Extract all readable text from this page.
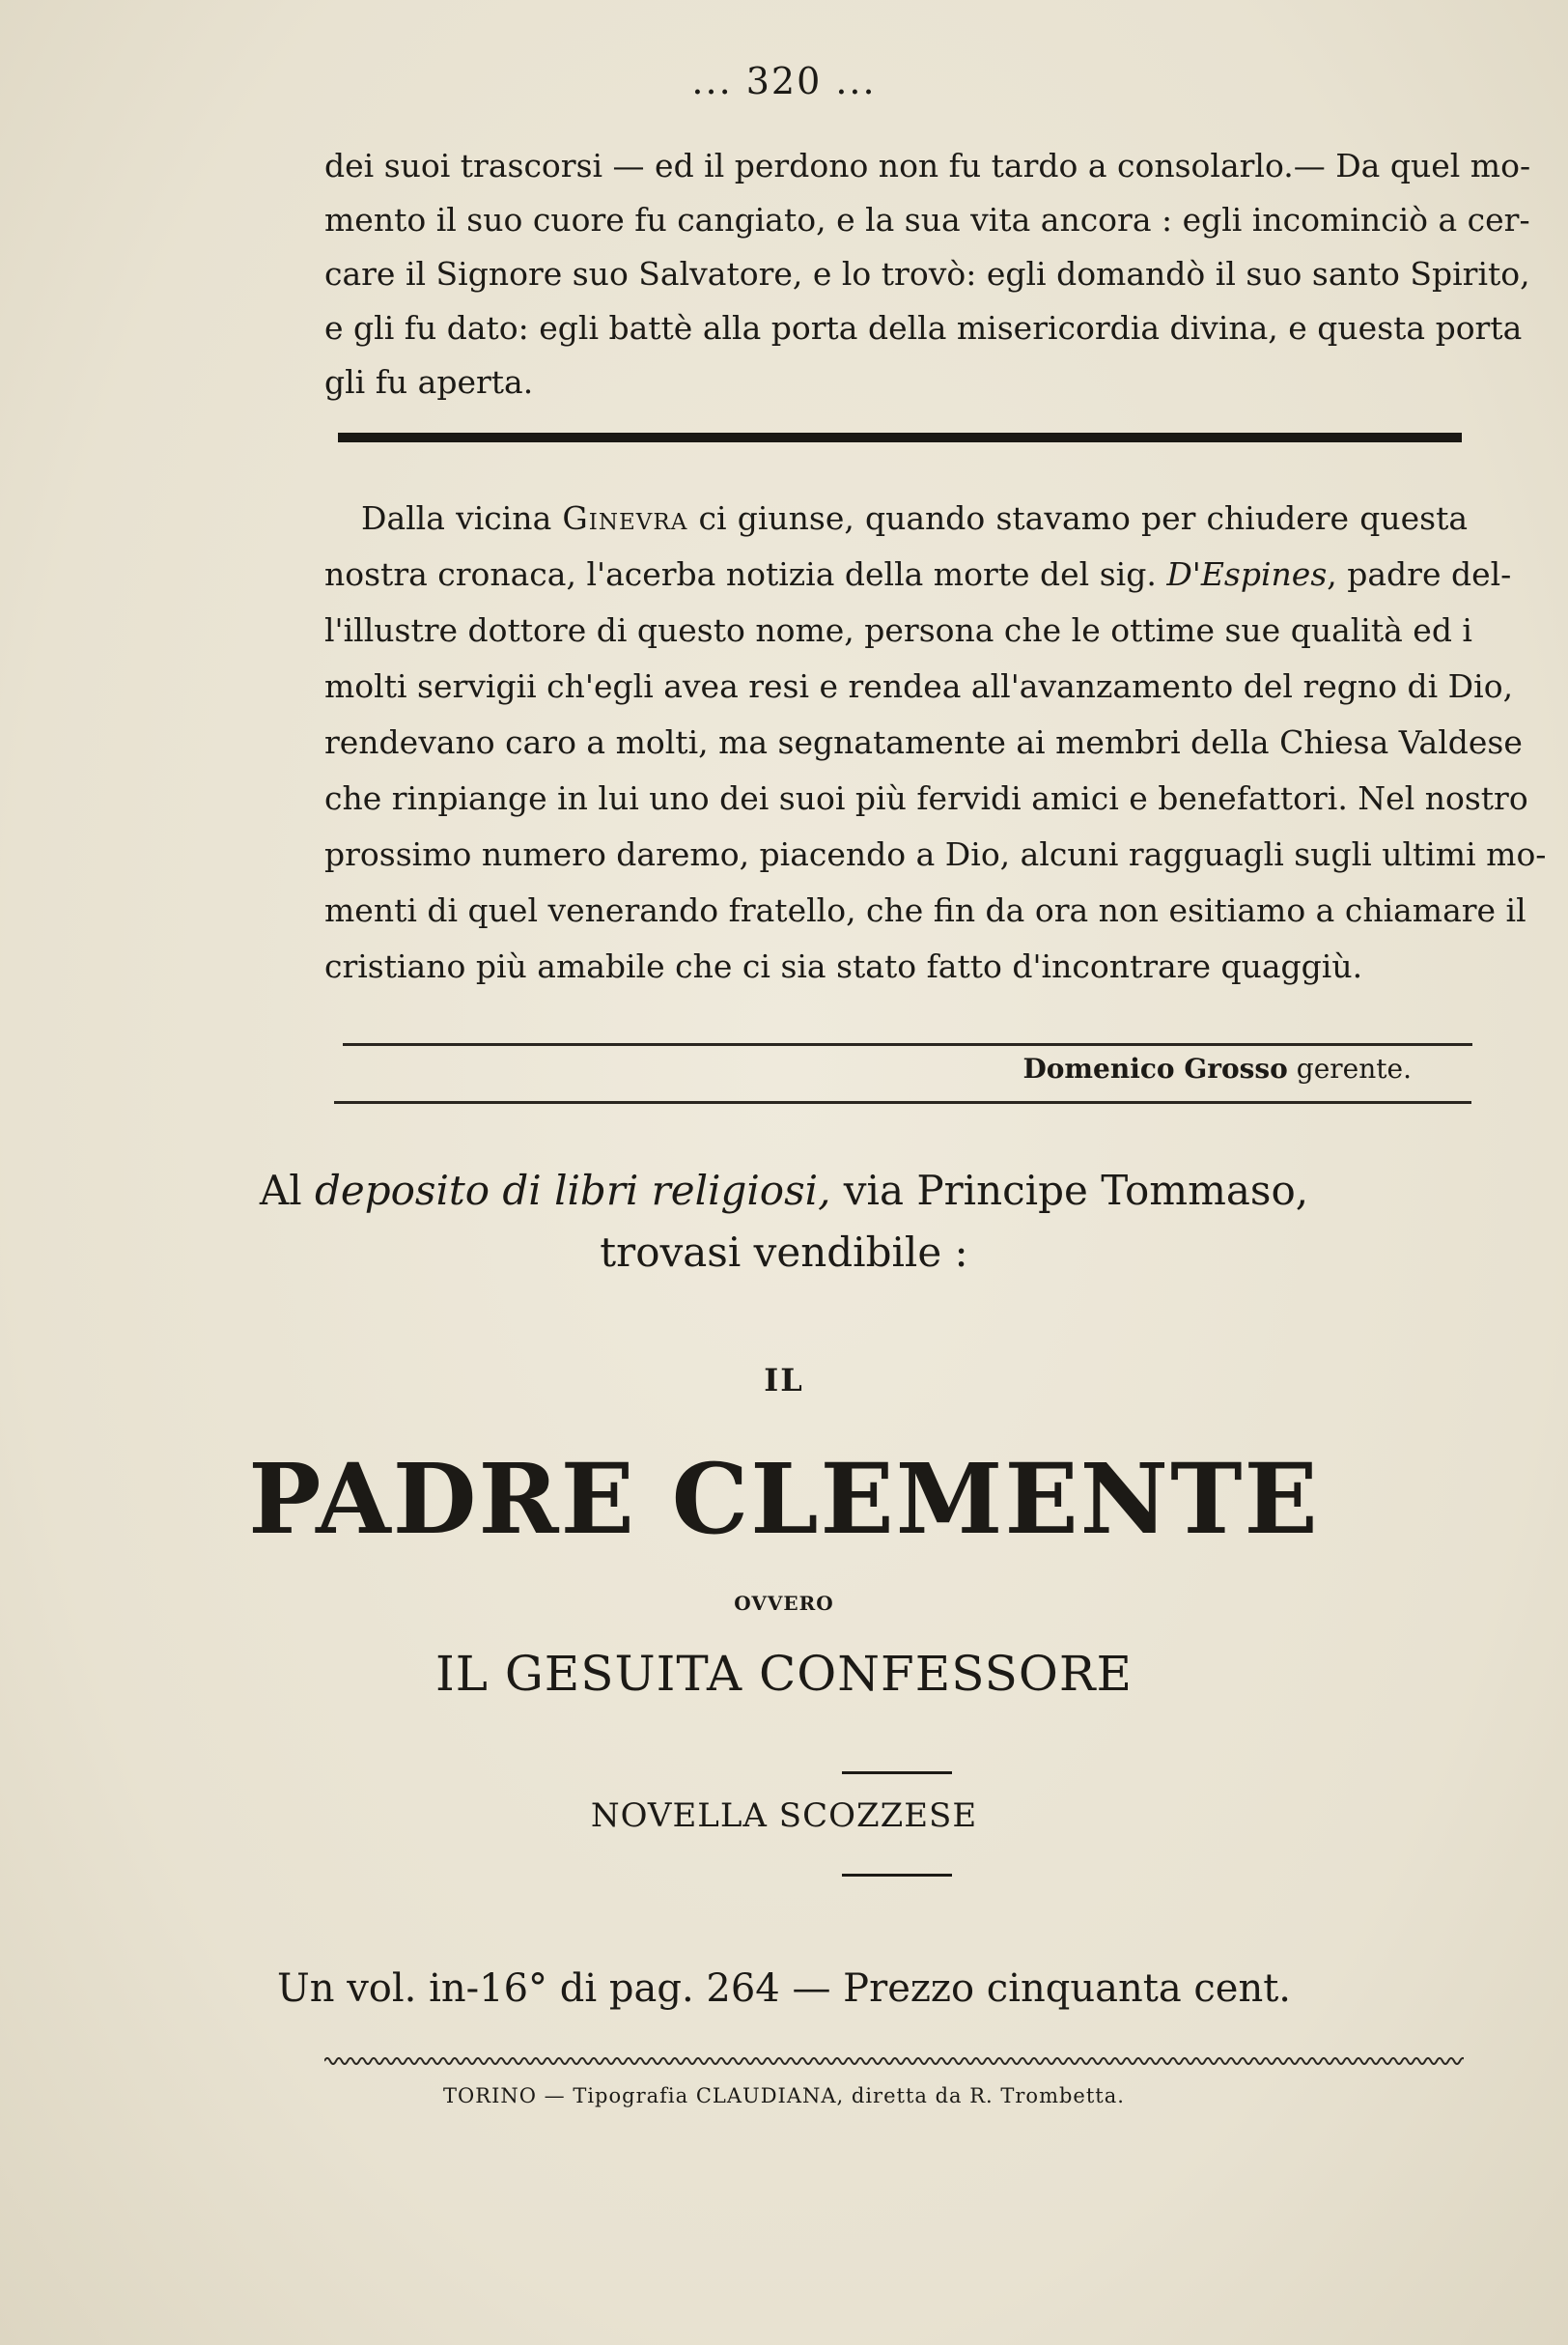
... 320 ...
dei suoi trascorsi — ed il perdono non fu tardo a consolarlo.— Da quel mo-
mento il suo cuore fu cangiato, e la sua vita ancora : egli incominciò a cer-
care il Signore suo Salvatore, e lo trovò: egli domandò il suo santo Spirito,
e gli fu dato: egli battè alla porta della misericordia divina, e questa porta
gli fu aperta.
Dalla vicina Ginevra ci giunse, quando stavamo per chiudere questa
nostra cronaca, l'acerba notizia della morte del sig. D'Espines, padre del-
l'illustre dottore di questo nome, persona che le ottime sue qualità ed i
molti servigii ch'egli avea resi e rendea all'avanzamento del regno di Dio,
rendevano caro a molti, ma segnatamente ai membri della Chiesa Valdese
che rinpiange in lui uno dei suoi più fervidi amici e benefattori. Nel nostro
prossimo numero daremo, piacendo a Dio, alcuni ragguagli sugli ultimi mo-
menti di quel venerando fratello, che fin da ora non esitiamo a chiamare il
cristiano più amabile che ci sia stato fatto d'incontrare quaggiù.
Domenico Grosso gerente.
Al deposito di libri religiosi, via Principe Tommaso,
trovasi vendibile :
IL
PADRE CLEMENTE
OVVERO
IL GESUITA CONFESSORE
NOVELLA SCOZZESE
Un vol. in-16° di pag. 264 — Prezzo cinquanta cent.
TORINO — Tipografia CLAUDIANA, diretta da R. Trombetta.
